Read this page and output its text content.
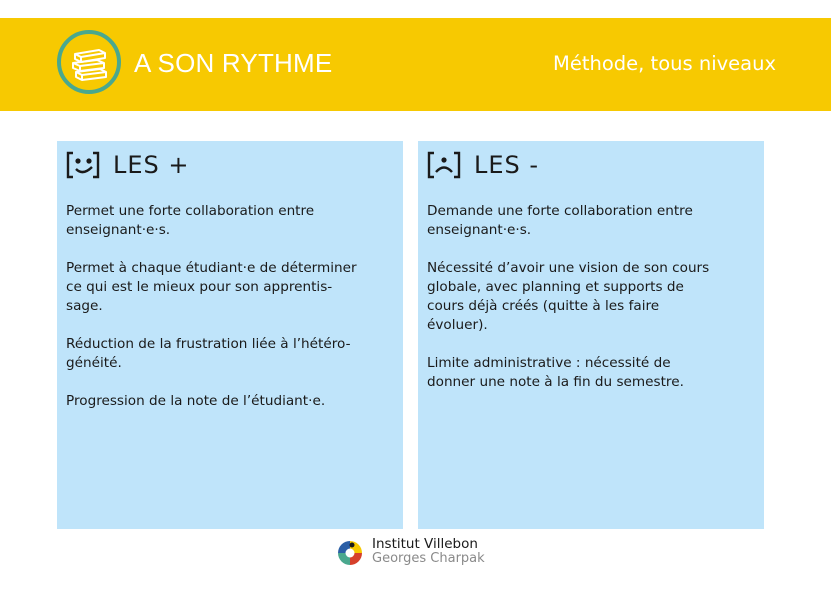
A SON RYTHME	Méthode, tous niveaux
LES +

Permet une forte collaboration entre
enseignant·e·s.

Permet à chaque étudiant·e de déterminer
ce qui est le mieux pour son apprentis-
sage.

Réduction de la frustration liée à l’hétéro-
généité.

Progression de la note de l’étudiant·e.

LES -

Demande une forte collaboration entre
enseignant·e·s.

Nécessité d’avoir une vision de son cours
globale, avec planning et supports de
cours déjà créés (quitte à les faire
évoluer).

Limite administrative : nécessité de
donner une note à la fin du semestre.

Institut Villebon
Georges Charpak
